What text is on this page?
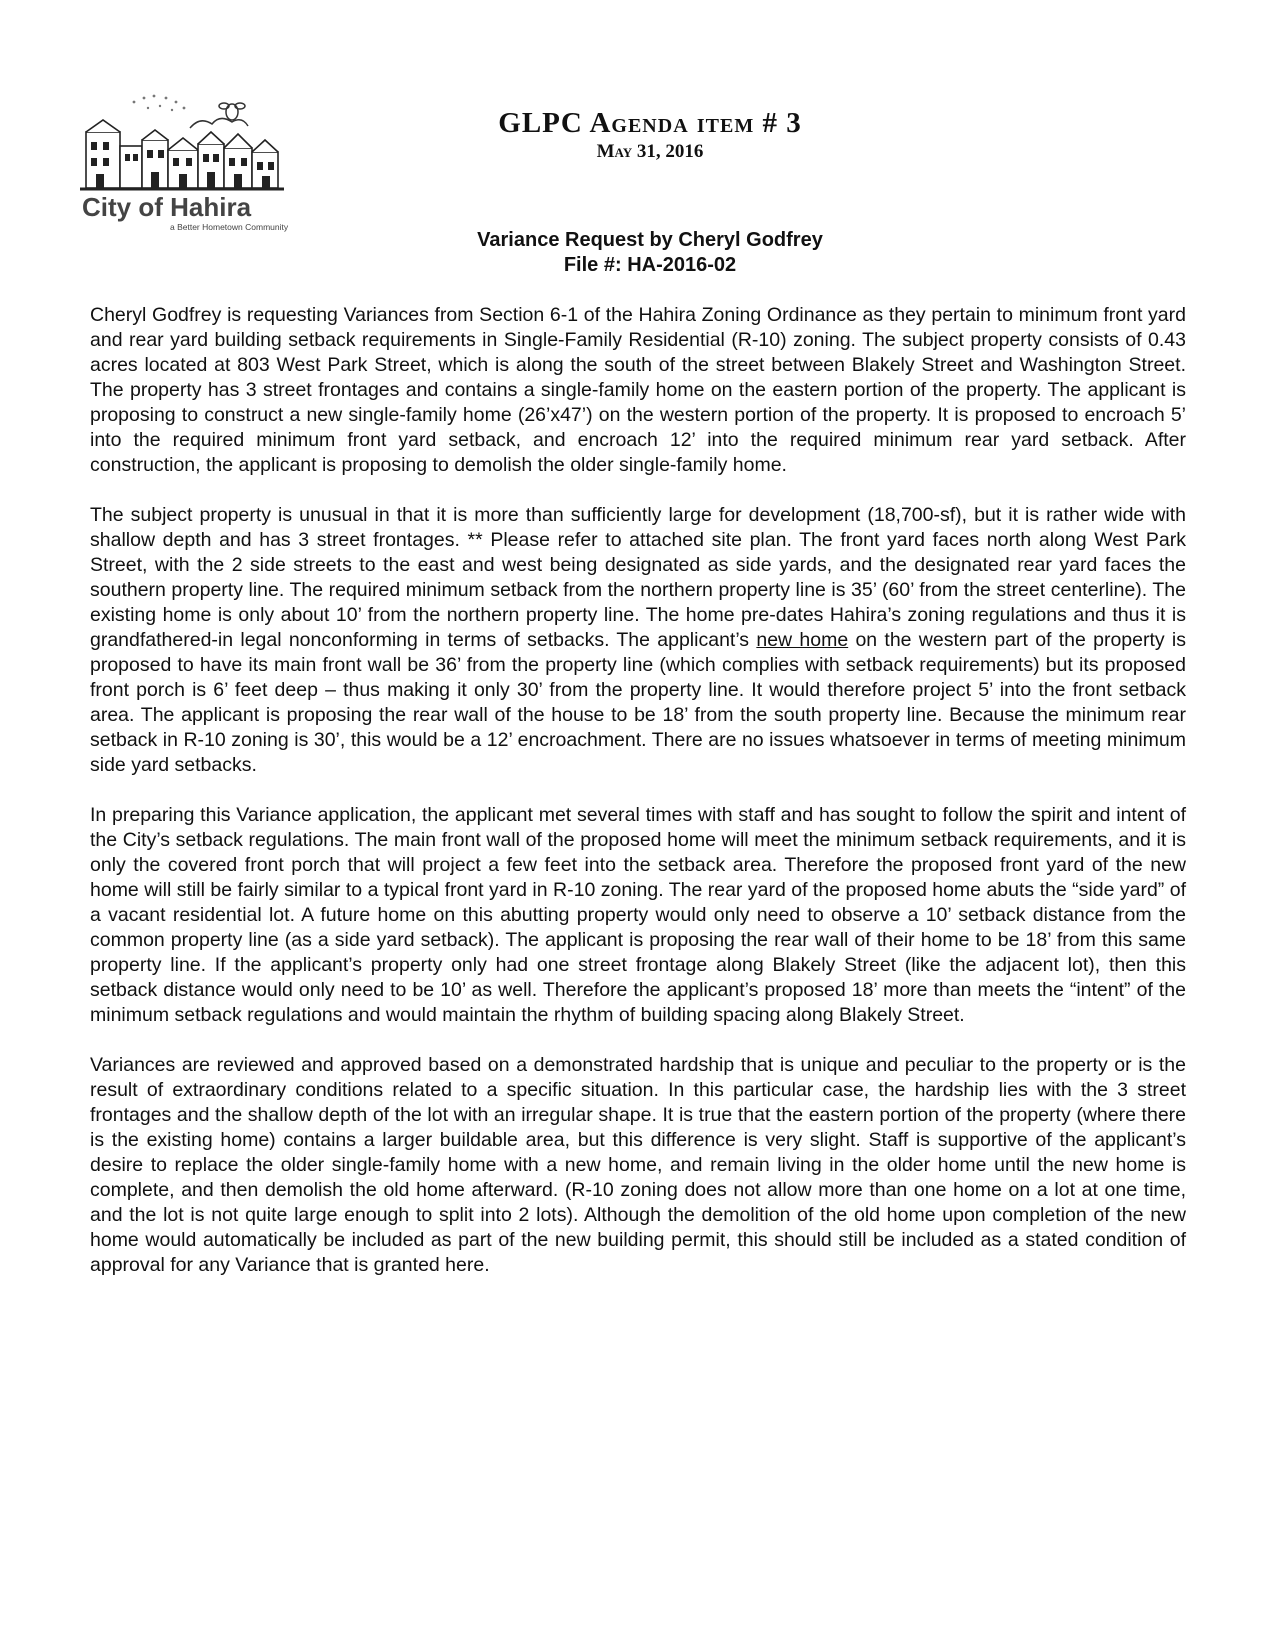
City of Hahira
a Better Hometown Community
GLPC Agenda item # 3
May 31, 2016
Variance Request by Cheryl Godfrey
File #: HA-2016-02

Cheryl Godfrey is requesting Variances from Section 6-1 of the Hahira Zoning Ordinance as they pertain to minimum front yard and rear yard building setback requirements in Single-Family Residential (R-10) zoning. The subject property consists of 0.43 acres located at 803 West Park Street, which is along the south of the street between Blakely Street and Washington Street. The property has 3 street frontages and contains a single-family home on the eastern portion of the property. The applicant is proposing to construct a new single-family home (26’x47’) on the western portion of the property. It is proposed to encroach 5’ into the required minimum front yard setback, and encroach 12’ into the required minimum rear yard setback. After construction, the applicant is proposing to demolish the older single-family home.

The subject property is unusual in that it is more than sufficiently large for development (18,700-sf), but it is rather wide with shallow depth and has 3 street frontages. ** Please refer to attached site plan. The front yard faces north along West Park Street, with the 2 side streets to the east and west being designated as side yards, and the designated rear yard faces the southern property line. The required minimum setback from the northern property line is 35’ (60’ from the street centerline). The existing home is only about 10’ from the northern property line. The home pre-dates Hahira’s zoning regulations and thus it is grandfathered-in legal nonconforming in terms of setbacks. The applicant’s new home on the western part of the property is proposed to have its main front wall be 36’ from the property line (which complies with setback requirements) but its proposed front porch is 6’ feet deep – thus making it only 30’ from the property line. It would therefore project 5’ into the front setback area. The applicant is proposing the rear wall of the house to be 18’ from the south property line. Because the minimum rear setback in R-10 zoning is 30’, this would be a 12’ encroachment. There are no issues whatsoever in terms of meeting minimum side yard setbacks.

In preparing this Variance application, the applicant met several times with staff and has sought to follow the spirit and intent of the City’s setback regulations. The main front wall of the proposed home will meet the minimum setback requirements, and it is only the covered front porch that will project a few feet into the setback area. Therefore the proposed front yard of the new home will still be fairly similar to a typical front yard in R-10 zoning. The rear yard of the proposed home abuts the “side yard” of a vacant residential lot. A future home on this abutting property would only need to observe a 10’ setback distance from the common property line (as a side yard setback). The applicant is proposing the rear wall of their home to be 18’ from this same property line. If the applicant’s property only had one street frontage along Blakely Street (like the adjacent lot), then this setback distance would only need to be 10’ as well. Therefore the applicant’s proposed 18’ more than meets the “intent” of the minimum setback regulations and would maintain the rhythm of building spacing along Blakely Street.

Variances are reviewed and approved based on a demonstrated hardship that is unique and peculiar to the property or is the result of extraordinary conditions related to a specific situation. In this particular case, the hardship lies with the 3 street frontages and the shallow depth of the lot with an irregular shape. It is true that the eastern portion of the property (where there is the existing home) contains a larger buildable area, but this difference is very slight. Staff is supportive of the applicant’s desire to replace the older single-family home with a new home, and remain living in the older home until the new home is complete, and then demolish the old home afterward. (R-10 zoning does not allow more than one home on a lot at one time, and the lot is not quite large enough to split into 2 lots). Although the demolition of the old home upon completion of the new home would automatically be included as part of the new building permit, this should still be included as a stated condition of approval for any Variance that is granted here.
